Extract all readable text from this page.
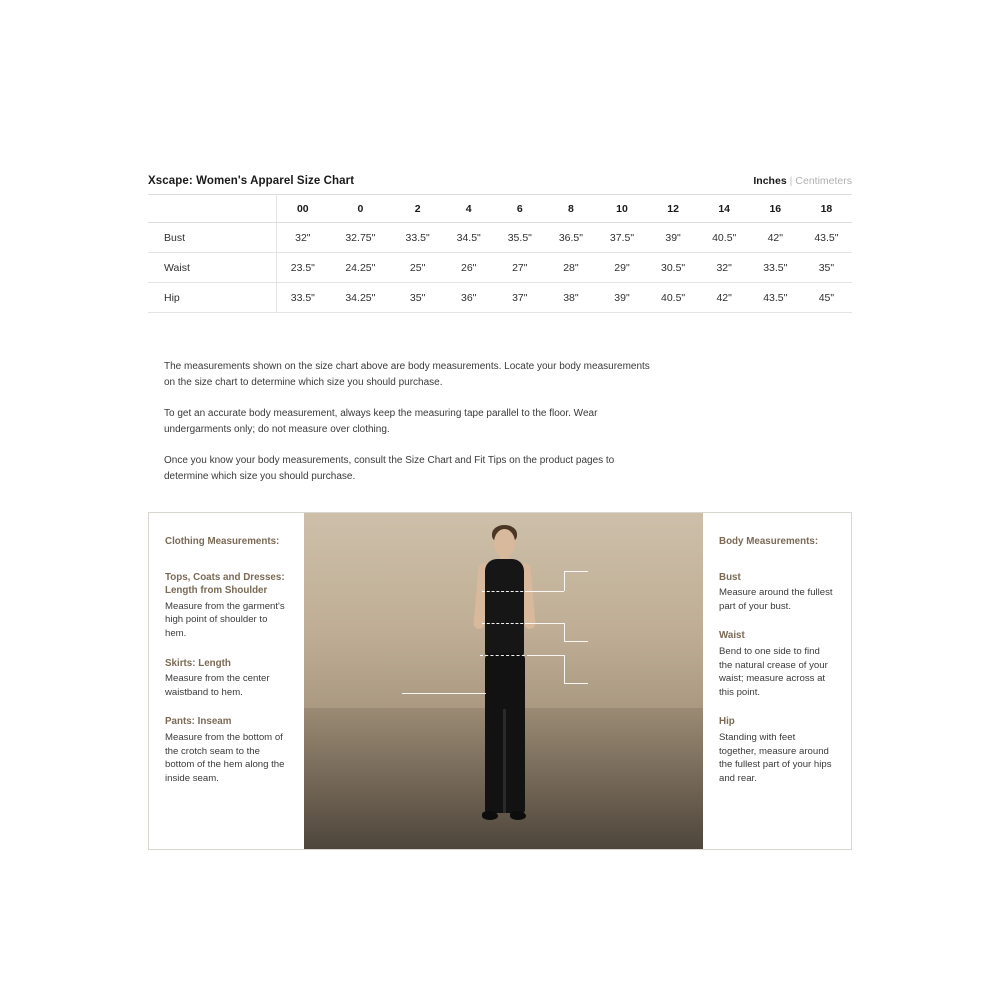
Xscape: Women's Apparel Size Chart	Inches | Centimeters
	00	0	2	4	6	8	10	12	14	16	18
Bust	32"	32.75"	33.5"	34.5"	35.5"	36.5"	37.5"	39"	40.5"	42"	43.5"
Waist	23.5"	24.25"	25"	26"	27"	28"	29"	30.5"	32"	33.5"	35"
Hip	33.5"	34.25"	35"	36"	37"	38"	39"	40.5"	42"	43.5"	45"

The measurements shown on the size chart above are body measurements. Locate your body measurements on the size chart to determine which size you should purchase.

To get an accurate body measurement, always keep the measuring tape parallel to the floor. Wear undergarments only; do not measure over clothing.

Once you know your body measurements, consult the Size Chart and Fit Tips on the product pages to determine which size you should purchase.

Clothing Measurements:
Tops, Coats and Dresses: Length from Shoulder
Measure from the garment's high point of shoulder to hem.
Skirts: Length
Measure from the center waistband to hem.
Pants: Inseam
Measure from the bottom of the crotch seam to the bottom of the hem along the inside seam.
Body Measurements:
Bust
Measure around the fullest part of your bust.
Waist
Bend to one side to find the natural crease of your waist; measure across at this point.
Hip
Standing with feet together, measure around the fullest part of your hips and rear.
